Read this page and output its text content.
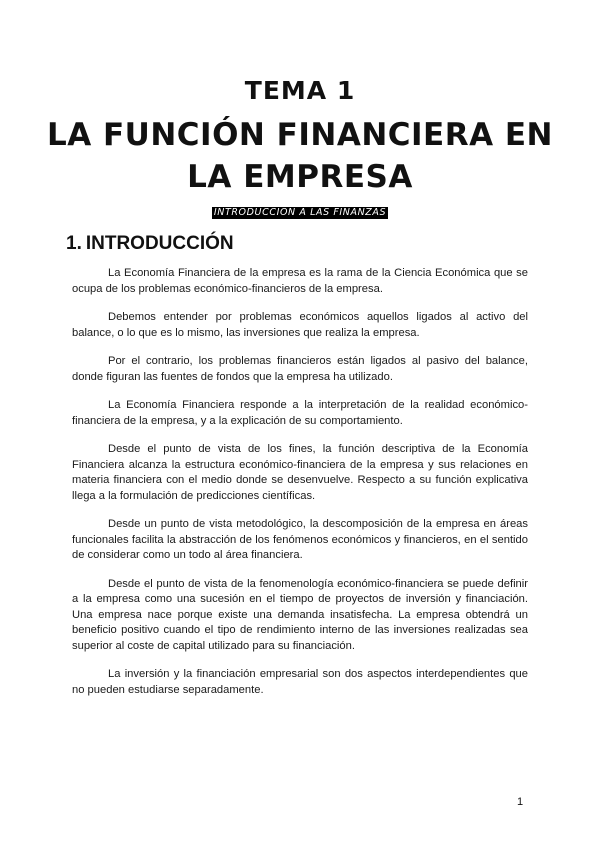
TEMA 1
LA FUNCIÓN FINANCIERA EN LA EMPRESA
INTRODUCCIÓN A LAS FINANZAS
1. INTRODUCCIÓN

La Economía Financiera de la empresa es la rama de la Ciencia Económica que se ocupa de los problemas económico-financieros de la empresa.

Debemos entender por problemas económicos aquellos ligados al activo del balance, o lo que es lo mismo, las inversiones que realiza la empresa.

Por el contrario, los problemas financieros están ligados al pasivo del balance, donde figuran las fuentes de fondos que la empresa ha utilizado.

La Economía Financiera responde a la interpretación de la realidad económico-financiera de la empresa, y a la explicación de su comportamiento.

Desde el punto de vista de los fines, la función descriptiva de la Economía Financiera alcanza la estructura económico-financiera de la empresa y sus relaciones en materia financiera con el medio donde se desenvuelve. Respecto a su función explicativa llega a la formulación de predicciones científicas.

Desde un punto de vista metodológico, la descomposición de la empresa en áreas funcionales facilita la abstracción de los fenómenos económicos y financieros, en el sentido de considerar como un todo al área financiera.

Desde el punto de vista de la fenomenología económico-financiera se puede definir a la empresa como una sucesión en el tiempo de proyectos de inversión y financiación. Una empresa nace porque existe una demanda insatisfecha. La empresa obtendrá un beneficio positivo cuando el tipo de rendimiento interno de las inversiones realizadas sea superior al coste de capital utilizado para su financiación.

La inversión y la financiación empresarial son dos aspectos interdependientes que no pueden estudiarse separadamente.

1
